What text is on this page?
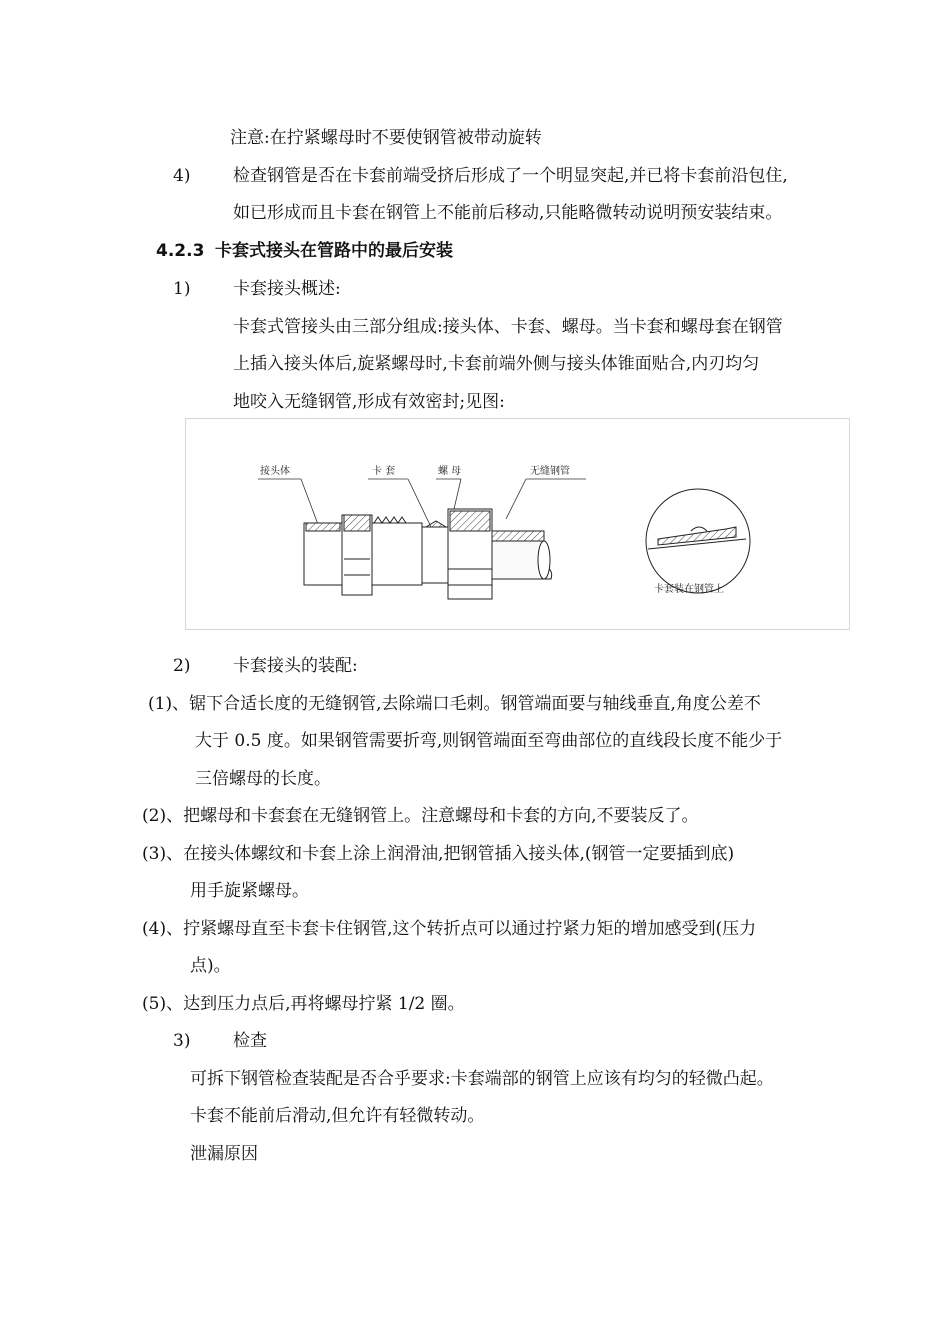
注意:在拧紧螺母时不要使钢管被带动旋转
4)	检查钢管是否在卡套前端受挤后形成了一个明显突起,并已将卡套前沿包住,
如已形成而且卡套在钢管上不能前后移动,只能略微转动说明预安装结束。
4.2.3 卡套式接头在管路中的最后安装
1)	卡套接头概述:
卡套式管接头由三部分组成:接头体、卡套、螺母。当卡套和螺母套在钢管
上插入接头体后,旋紧螺母时,卡套前端外侧与接头体锥面贴合,内刃均匀
地咬入无缝钢管,形成有效密封;见图:
接头体	卡 套	螺 母	无缝钢管
卡套装在钢管上
2)	卡套接头的装配:
(1)、锯下合适长度的无缝钢管,去除端口毛刺。钢管端面要与轴线垂直,角度公差不
大于 0.5 度。如果钢管需要折弯,则钢管端面至弯曲部位的直线段长度不能少于
三倍螺母的长度。
(2)、把螺母和卡套套在无缝钢管上。注意螺母和卡套的方向,不要装反了。
(3)、在接头体螺纹和卡套上涂上润滑油,把钢管插入接头体,(钢管一定要插到底)
用手旋紧螺母。
(4)、拧紧螺母直至卡套卡住钢管,这个转折点可以通过拧紧力矩的增加感受到(压力
点)。
(5)、达到压力点后,再将螺母拧紧 1/2 圈。
3)	检查
可拆下钢管检查装配是否合乎要求:卡套端部的钢管上应该有均匀的轻微凸起。
卡套不能前后滑动,但允许有轻微转动。
泄漏原因
